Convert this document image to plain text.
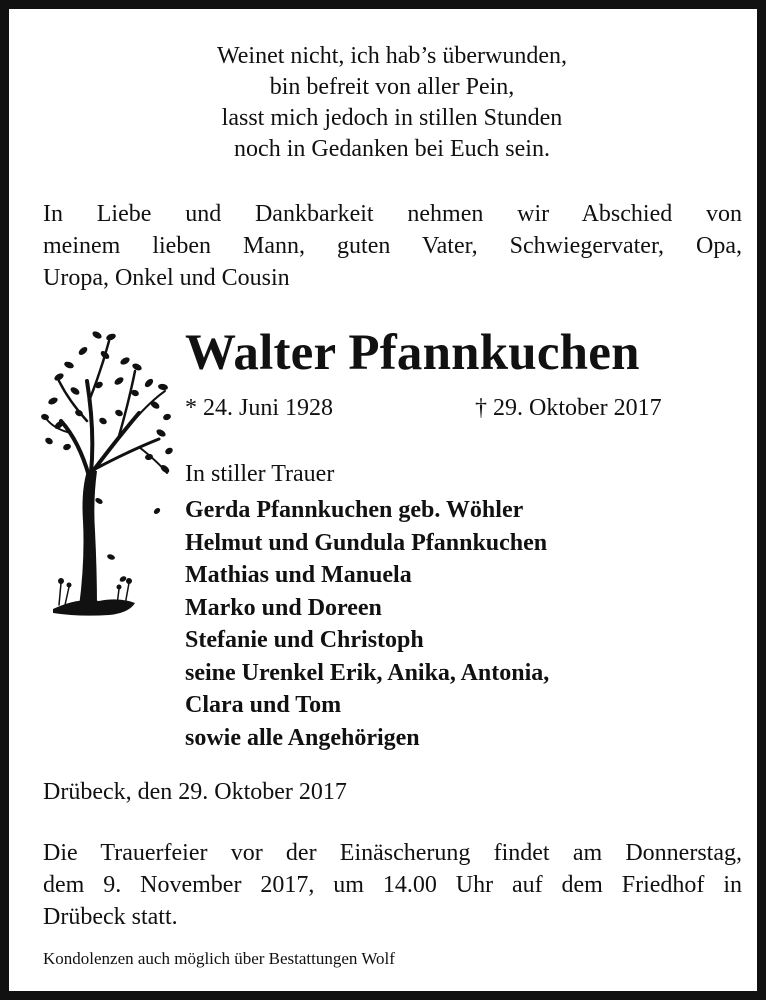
Weinet nicht, ich hab’s überwunden,
bin befreit von aller Pein,
lasst mich jedoch in stillen Stunden
noch in Gedanken bei Euch sein.
In Liebe und Dankbarkeit nehmen wir Abschied von
meinem lieben Mann, guten Vater, Schwiegervater, Opa,
Uropa, Onkel und Cousin
Walter Pfannkuchen
* 24. Juni 1928	† 29. Oktober 2017
In stiller Trauer
Gerda Pfannkuchen geb. Wöhler
Helmut und Gundula Pfannkuchen
Mathias und Manuela
Marko und Doreen
Stefanie und Christoph
seine Urenkel Erik, Anika, Antonia,
Clara und Tom
sowie alle Angehörigen
Drübeck, den 29. Oktober 2017
Die Trauerfeier vor der Einäscherung findet am Donnerstag,
dem 9. November 2017, um 14.00 Uhr auf dem Friedhof in
Drübeck statt.
Kondolenzen auch möglich über Bestattungen Wolf
